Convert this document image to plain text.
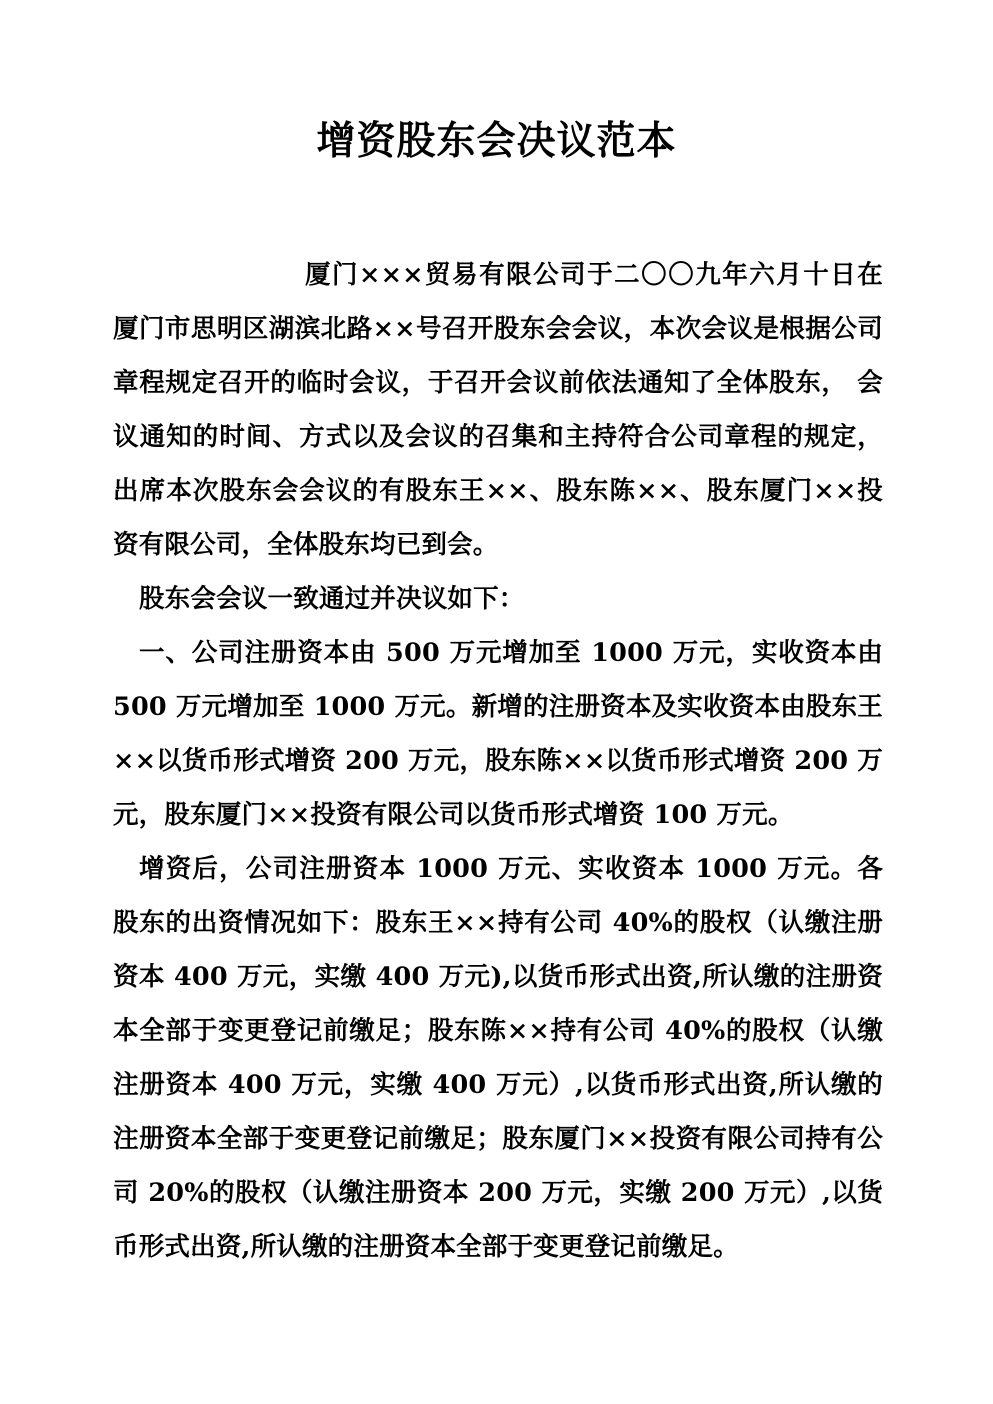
增资股东会决议范本

厦门×××贸易有限公司于二〇〇九年六月十日在厦门市思明区湖滨北路××号召开股东会会议，本次会议是根据公司章程规定召开的临时会议，于召开会议前依法通知了全体股东， 会议通知的时间、方式以及会议的召集和主持符合公司章程的规定，出席本次股东会会议的有股东王××、股东陈××、股东厦门××投资有限公司，全体股东均已到会。

股东会会议一致通过并决议如下：

一、公司注册资本由 500 万元增加至 1000 万元，实收资本由 500 万元增加至 1000 万元。新增的注册资本及实收资本由股东王××以货币形式增资 200 万元，股东陈××以货币形式增资 200 万元，股东厦门××投资有限公司以货币形式增资 100 万元。

增资后，公司注册资本 1000 万元、实收资本 1000 万元。各股东的出资情况如下：股东王××持有公司 40%的股权（认缴注册资本 400 万元，实缴 400 万元),以货币形式出资,所认缴的注册资本全部于变更登记前缴足；股东陈××持有公司 40%的股权（认缴注册资本 400 万元，实缴 400 万元）,以货币形式出资,所认缴的注册资本全部于变更登记前缴足；股东厦门××投资有限公司持有公司 20%的股权（认缴注册资本 200 万元，实缴 200 万元）,以货币形式出资,所认缴的注册资本全部于变更登记前缴足。
